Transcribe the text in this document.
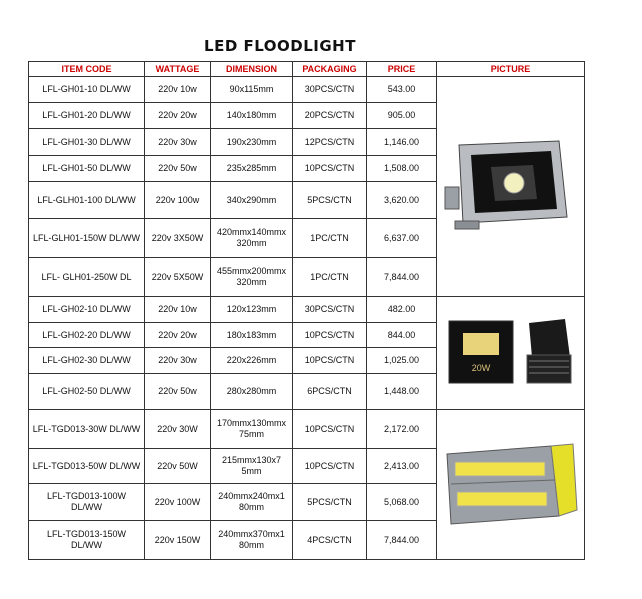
LED FLOODLIGHT
ITEM CODE	WATTAGE	DIMENSION	PACKAGING	PRICE	PICTURE
LFL-GH01-10 DL/WW	220v 10w	90x115mm	30PCS/CTN	543.00	

LFL-GH01-20 DL/WW	220v 20w	140x180mm	20PCS/CTN	905.00	
LFL-GH01-30 DL/WW	220v 30w	190x230mm	12PCS/CTN	1,146.00	
LFL-GH01-50 DL/WW	220v 50w	235x285mm	10PCS/CTN	1,508.00	
LFL-GLH01-100 DL/WW	220v 100w	340x290mm	5PCS/CTN	3,620.00	
LFL-GLH01-150W DL/WW	220v 3X50W	420mmx140mmx 320mm	1PC/CTN	6,637.00	
LFL- GLH01-250W DL	220v 5X50W	455mmx200mmx 320mm	1PC/CTN	7,844.00	
LFL-GH02-10 DL/WW	220v 10w	120x123mm	30PCS/CTN	482.00	20W

LFL-GH02-20 DL/WW	220v 20w	180x183mm	10PCS/CTN	844.00	
LFL-GH02-30 DL/WW	220v 30w	220x226mm	10PCS/CTN	1,025.00	
LFL-GH02-50 DL/WW	220v 50w	280x280mm	6PCS/CTN	1,448.00	
LFL-TGD013-30W DL/WW	220v 30W	170mmx130mmx 75mm	10PCS/CTN	2,172.00	

LFL-TGD013-50W DL/WW	220v 50W	215mmx130x7 5mm	10PCS/CTN	2,413.00	
LFL-TGD013-100W DL/WW	220v 100W	240mmx240mx1 80mm	5PCS/CTN	5,068.00	
LFL-TGD013-150W DL/WW	220v 150W	240mmx370mx1 80mm	4PCS/CTN	7,844.00	
